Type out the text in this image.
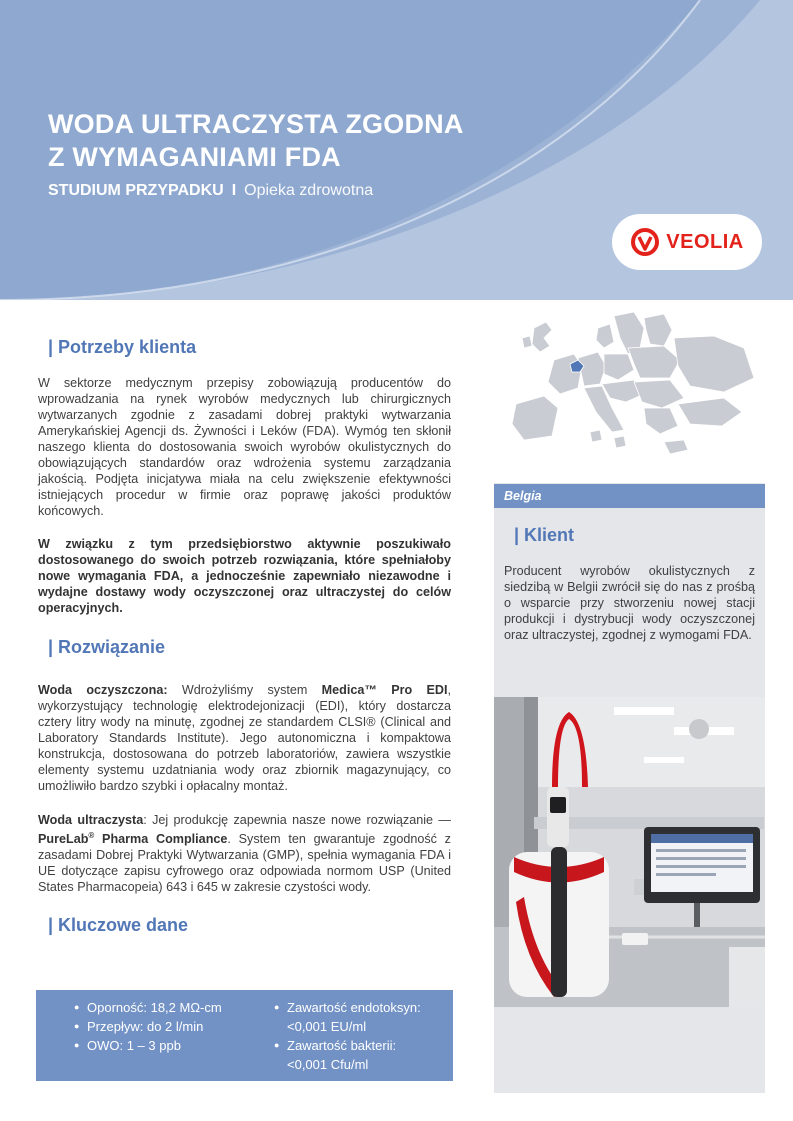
WODA ULTRACZYSTA ZGODNA
Z WYMAGANIAMI FDA
STUDIUM PRZYPADKU I Opieka zdrowotna
VEOLIA
| Potrzeby klienta

W sektorze medycznym przepisy zobowiązują producentów do wprowadzania na rynek wyrobów medycznych lub chirurgicznych wytwarzanych zgodnie z zasadami dobrej praktyki wytwarzania Amerykańskiej Agencji ds. Żywności i Leków (FDA). Wymóg ten skłonił naszego klienta do dostosowania swoich wyrobów okulistycznych do obowiązujących standardów oraz wdrożenia systemu zarządzania jakością. Podjęta inicjatywa miała na celu zwiększenie efektywności istniejących procedur w firmie oraz poprawę jakości produktów końcowych.

W związku z tym przedsiębiorstwo aktywnie poszukiwało dostosowanego do swoich potrzeb rozwiązania, które spełniałoby nowe wymagania FDA, a jednocześnie zapewniało niezawodne i wydajne dostawy wody oczyszczonej oraz ultraczystej do celów operacyjnych.

| Rozwiązanie

Woda oczyszczona: Wdrożyliśmy system Medica™ Pro EDI, wykorzystujący technologię elektrodejonizacji (EDI), który dostarcza cztery litry wody na minutę, zgodnej ze standardem CLSI® (Clinical and Laboratory Standards Institute). Jego autonomiczna i kompaktowa konstrukcja, dostosowana do potrzeb laboratoriów, zawiera wszystkie elementy systemu uzdatniania wody oraz zbiornik magazynujący, co umożliwiło bardzo szybki i opłacalny montaż.

Woda ultraczysta: Jej produkcję zapewnia nasze nowe rozwiązanie — PureLab® Pharma Compliance. System ten gwarantuje zgodność z zasadami Dobrej Praktyki Wytwarzania (GMP), spełnia wymagania FDA i UE dotyczące zapisu cyfrowego oraz odpowiada normom USP (United States Pharmacopeia) 643 i 645 w zakresie czystości wody.

| Kluczowe dane
● Oporność: 18,2 MΩ-cm
● Przepływ: do 2 l/min
● OWO: 1 – 3 ppb
● Zawartość endotoksyn:
<0,001 EU/ml
● Zawartość bakterii:
<0,001 Cfu/ml
Belgia
| Klient

Producent wyrobów okulistycznych z siedzibą w Belgii zwrócił się do nas z prośbą o wsparcie przy stworzeniu nowej stacji produkcji i dystrybucji wody oczyszczonej oraz ultraczystej, zgodnej z wymogami FDA.
